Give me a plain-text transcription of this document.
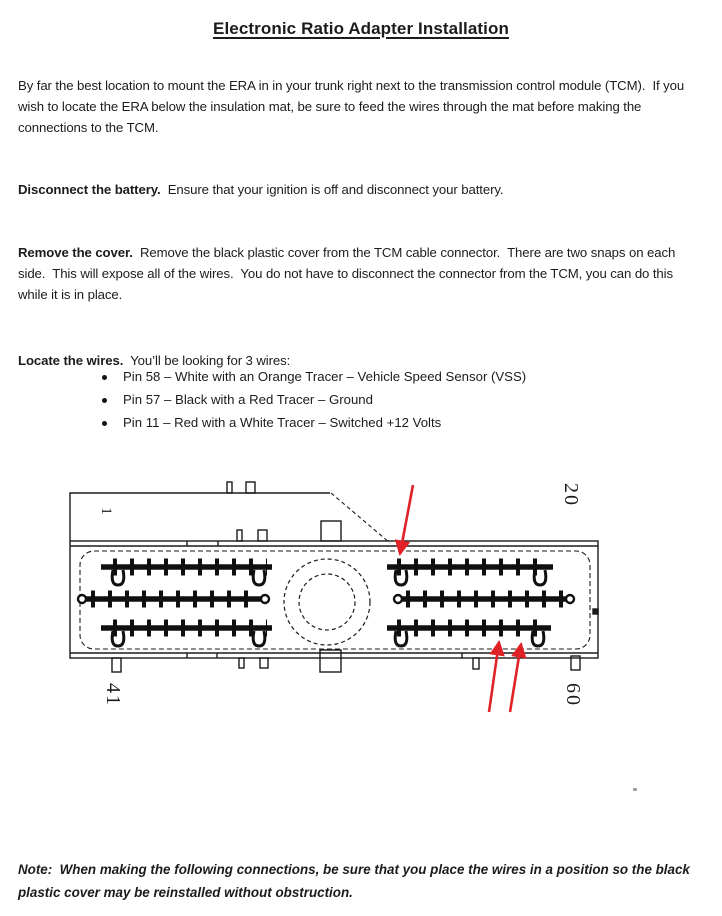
Electronic Ratio Adapter Installation

By far the best location to mount the ERA in in your trunk right next to the transmission control module (TCM).  If you wish to locate the ERA below the insulation mat, be sure to feed the wires through the mat before making the connections to the TCM.

Disconnect the battery.  Ensure that your ignition is off and disconnect your battery.

Remove the cover.  Remove the black plastic cover from the TCM cable connector.  There are two snaps on each side.  This will expose all of the wires.  You do not have to disconnect the connector from the TCM, you can do this while it is in place.

Locate the wires.  You’ll be looking for 3 wires:

Pin 58 – White with an Orange Tracer – Vehicle Speed Sensor (VSS)
Pin 57 – Black with a Red Tracer – Ground
Pin 11 – Red with a White Tracer – Switched +12 Volts
1
20
41	60

Note:  When making the following connections, be sure that you place the wires in a position so the black plastic cover may be reinstalled without obstruction.
